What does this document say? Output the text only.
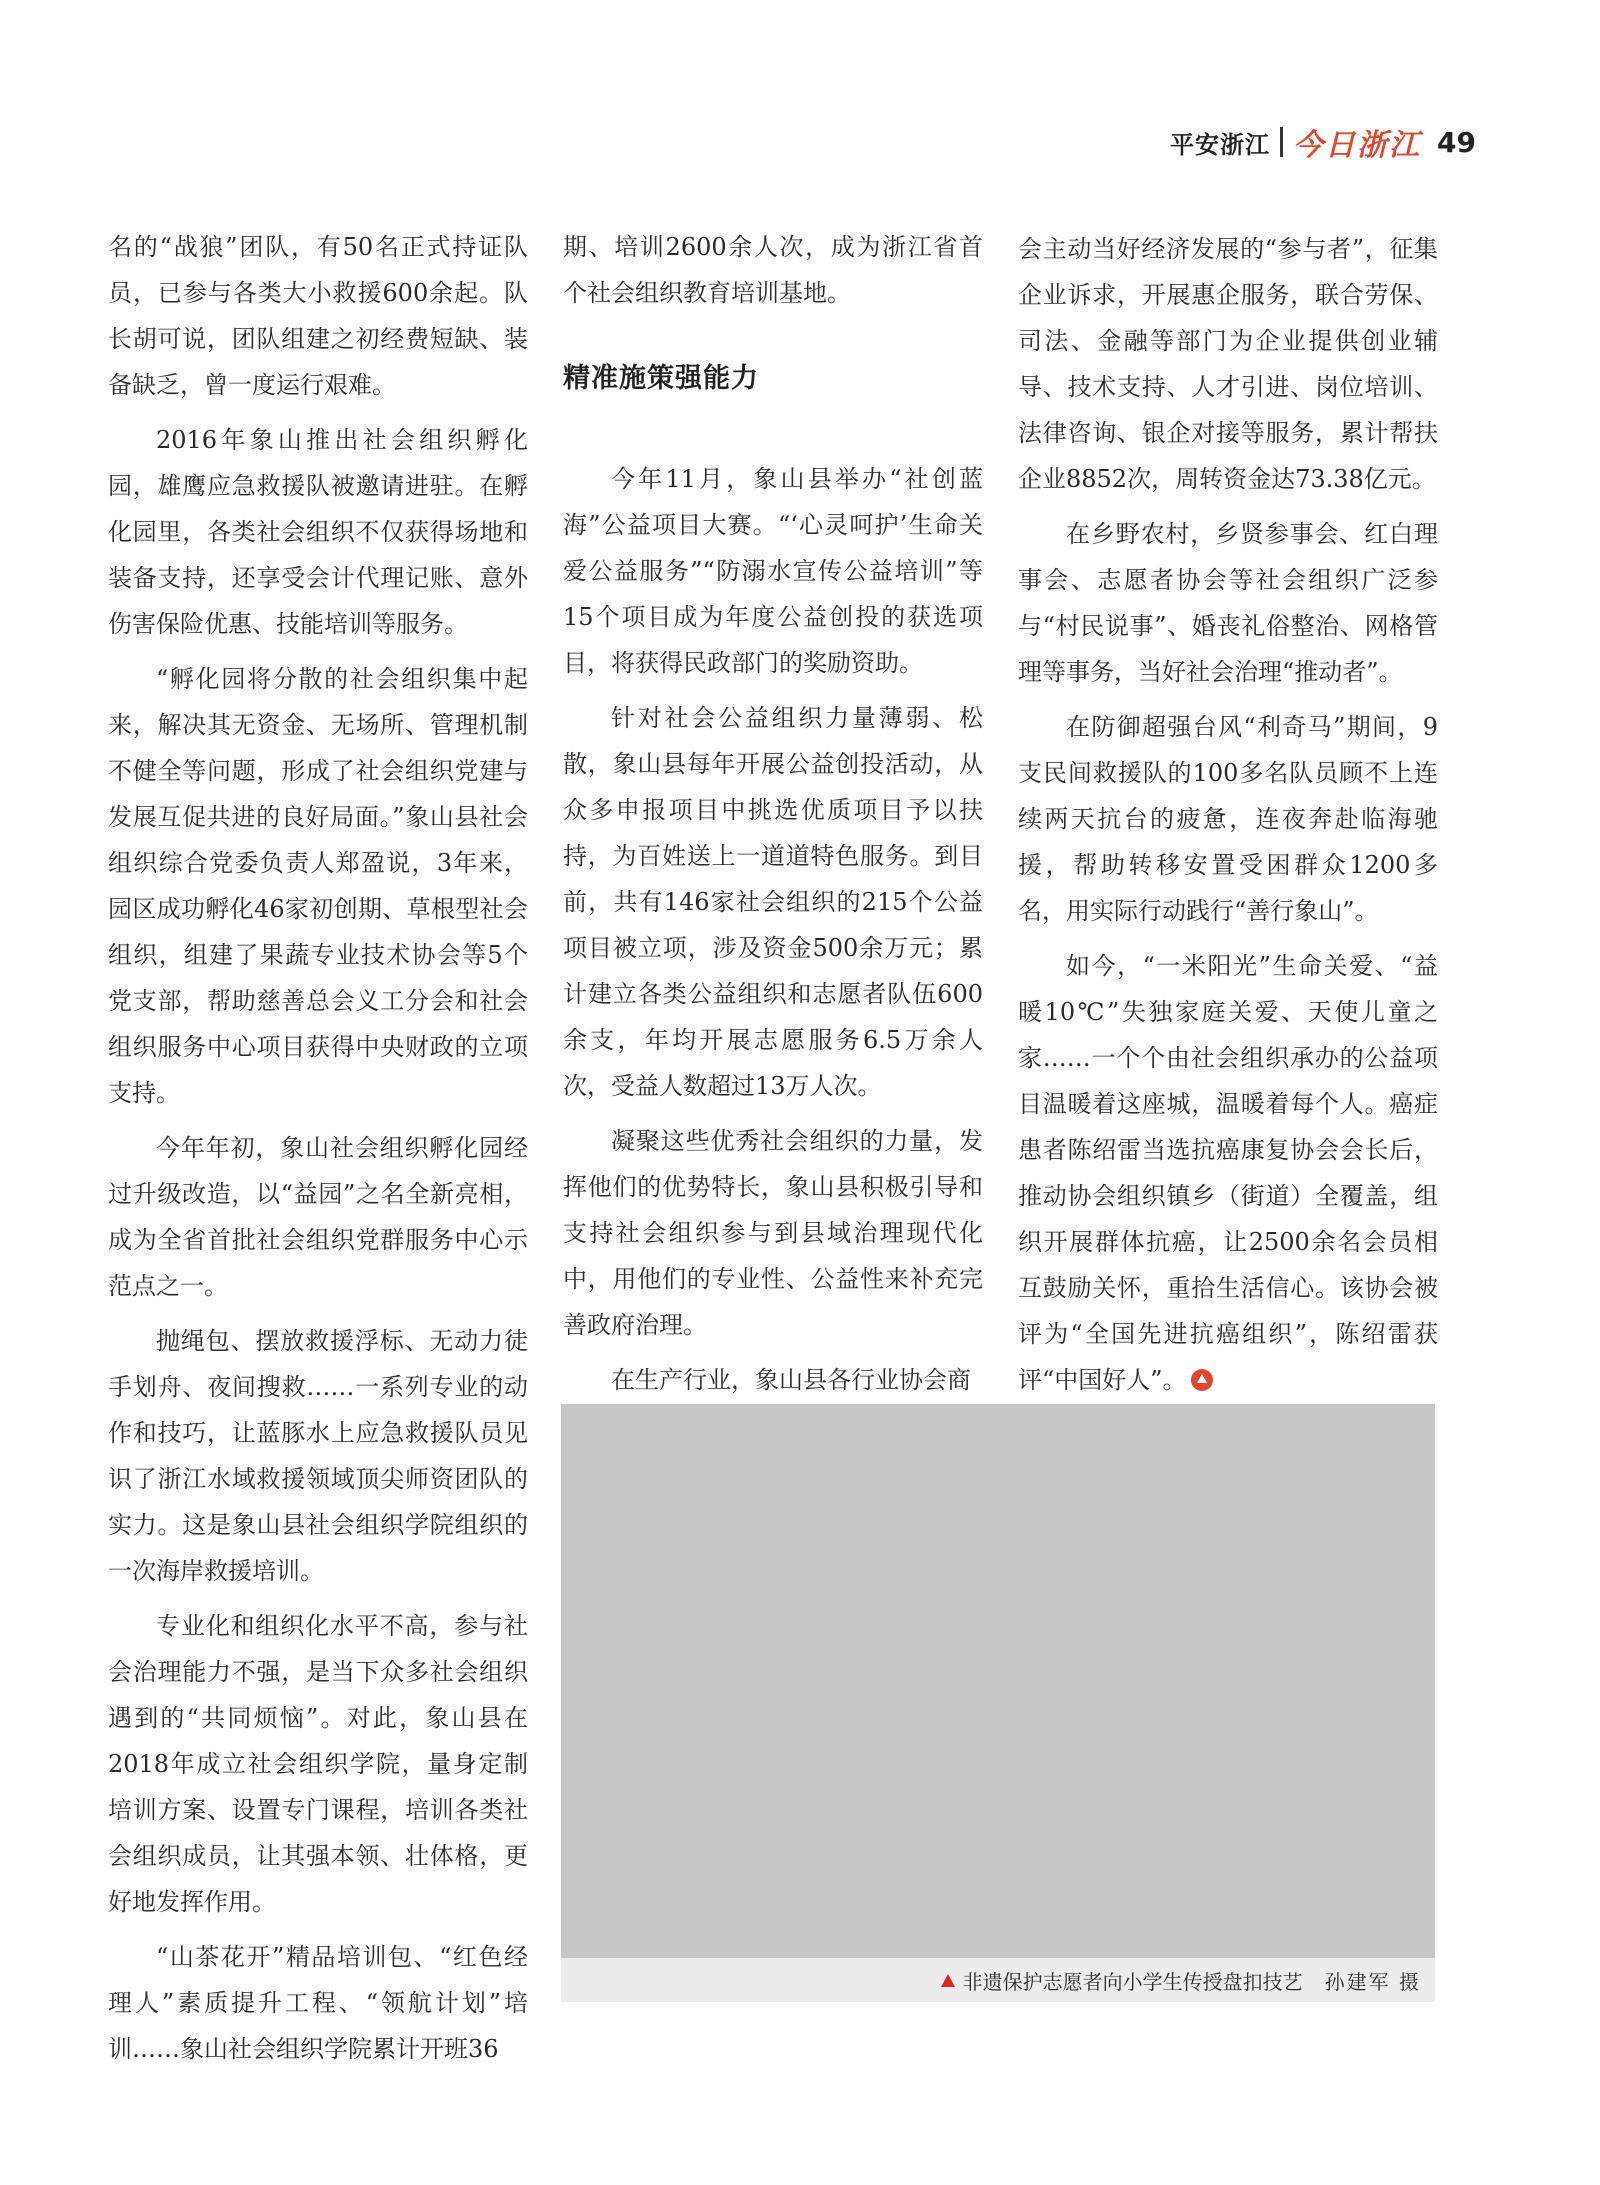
平安浙江 今日浙江 49

名的“战狼”团队，有50名正式持证队员，已参与各类大小救援600余起。队长胡可说，团队组建之初经费短缺、装备缺乏，曾一度运行艰难。

2016年象山推出社会组织孵化园，雄鹰应急救援队被邀请进驻。在孵化园里，各类社会组织不仅获得场地和装备支持，还享受会计代理记账、意外伤害保险优惠、技能培训等服务。

“孵化园将分散的社会组织集中起来，解决其无资金、无场所、管理机制不健全等问题，形成了社会组织党建与发展互促共进的良好局面。”象山县社会组织综合党委负责人郑盈说，3年来，园区成功孵化46家初创期、草根型社会组织，组建了果蔬专业技术协会等5个党支部，帮助慈善总会义工分会和社会组织服务中心项目获得中央财政的立项支持。

今年年初，象山社会组织孵化园经过升级改造，以“益园”之名全新亮相，成为全省首批社会组织党群服务中心示范点之一。

抛绳包、摆放救援浮标、无动力徒手划舟、夜间搜救……一系列专业的动作和技巧，让蓝豚水上应急救援队员见识了浙江水域救援领域顶尖师资团队的实力。这是象山县社会组织学院组织的一次海岸救援培训。

专业化和组织化水平不高，参与社会治理能力不强，是当下众多社会组织遇到的“共同烦恼”。对此，象山县在2018年成立社会组织学院，量身定制培训方案、设置专门课程，培训各类社会组织成员，让其强本领、壮体格，更好地发挥作用。

“山茶花开”精品培训包、“红色经理人”素质提升工程、“领航计划”培训……象山社会组织学院累计开班36

期、培训2600余人次，成为浙江省首个社会组织教育培训基地。

精准施策强能力

今年11月，象山县举办“社创蓝海”公益项目大赛。“‘心灵呵护’生命关爱公益服务”“防溺水宣传公益培训”等15个项目成为年度公益创投的获选项目，将获得民政部门的奖励资助。

针对社会公益组织力量薄弱、松散，象山县每年开展公益创投活动，从众多申报项目中挑选优质项目予以扶持，为百姓送上一道道特色服务。到目前，共有146家社会组织的215个公益项目被立项，涉及资金500余万元；累计建立各类公益组织和志愿者队伍600余支，年均开展志愿服务6.5万余人次，受益人数超过13万人次。

凝聚这些优秀社会组织的力量，发挥他们的优势特长，象山县积极引导和支持社会组织参与到县域治理现代化中，用他们的专业性、公益性来补充完善政府治理。

在生产行业，象山县各行业协会商

会主动当好经济发展的“参与者”，征集企业诉求，开展惠企服务，联合劳保、司法、金融等部门为企业提供创业辅导、技术支持、人才引进、岗位培训、法律咨询、银企对接等服务，累计帮扶企业8852次，周转资金达73.38亿元。

在乡野农村，乡贤参事会、红白理事会、志愿者协会等社会组织广泛参与“村民说事”、婚丧礼俗整治、网格管理等事务，当好社会治理“推动者”。

在防御超强台风“利奇马”期间，9支民间救援队的100多名队员顾不上连续两天抗台的疲惫，连夜奔赴临海驰援，帮助转移安置受困群众1200多名，用实际行动践行“善行象山”。

如今，“一米阳光”生命关爱、“益暖10℃”失独家庭关爱、天使儿童之家……一个个由社会组织承办的公益项目温暖着这座城，温暖着每个人。癌症患者陈绍雷当选抗癌康复协会会长后，推动协会组织镇乡（街道）全覆盖，组织开展群体抗癌，让2500余名会员相互鼓励关怀，重拾生活信心。该协会被评为“全国先进抗癌组织”，陈绍雷获评“中国好人”。

非遗保护志愿者向小学生传授盘扣技艺 孙建军 摄
